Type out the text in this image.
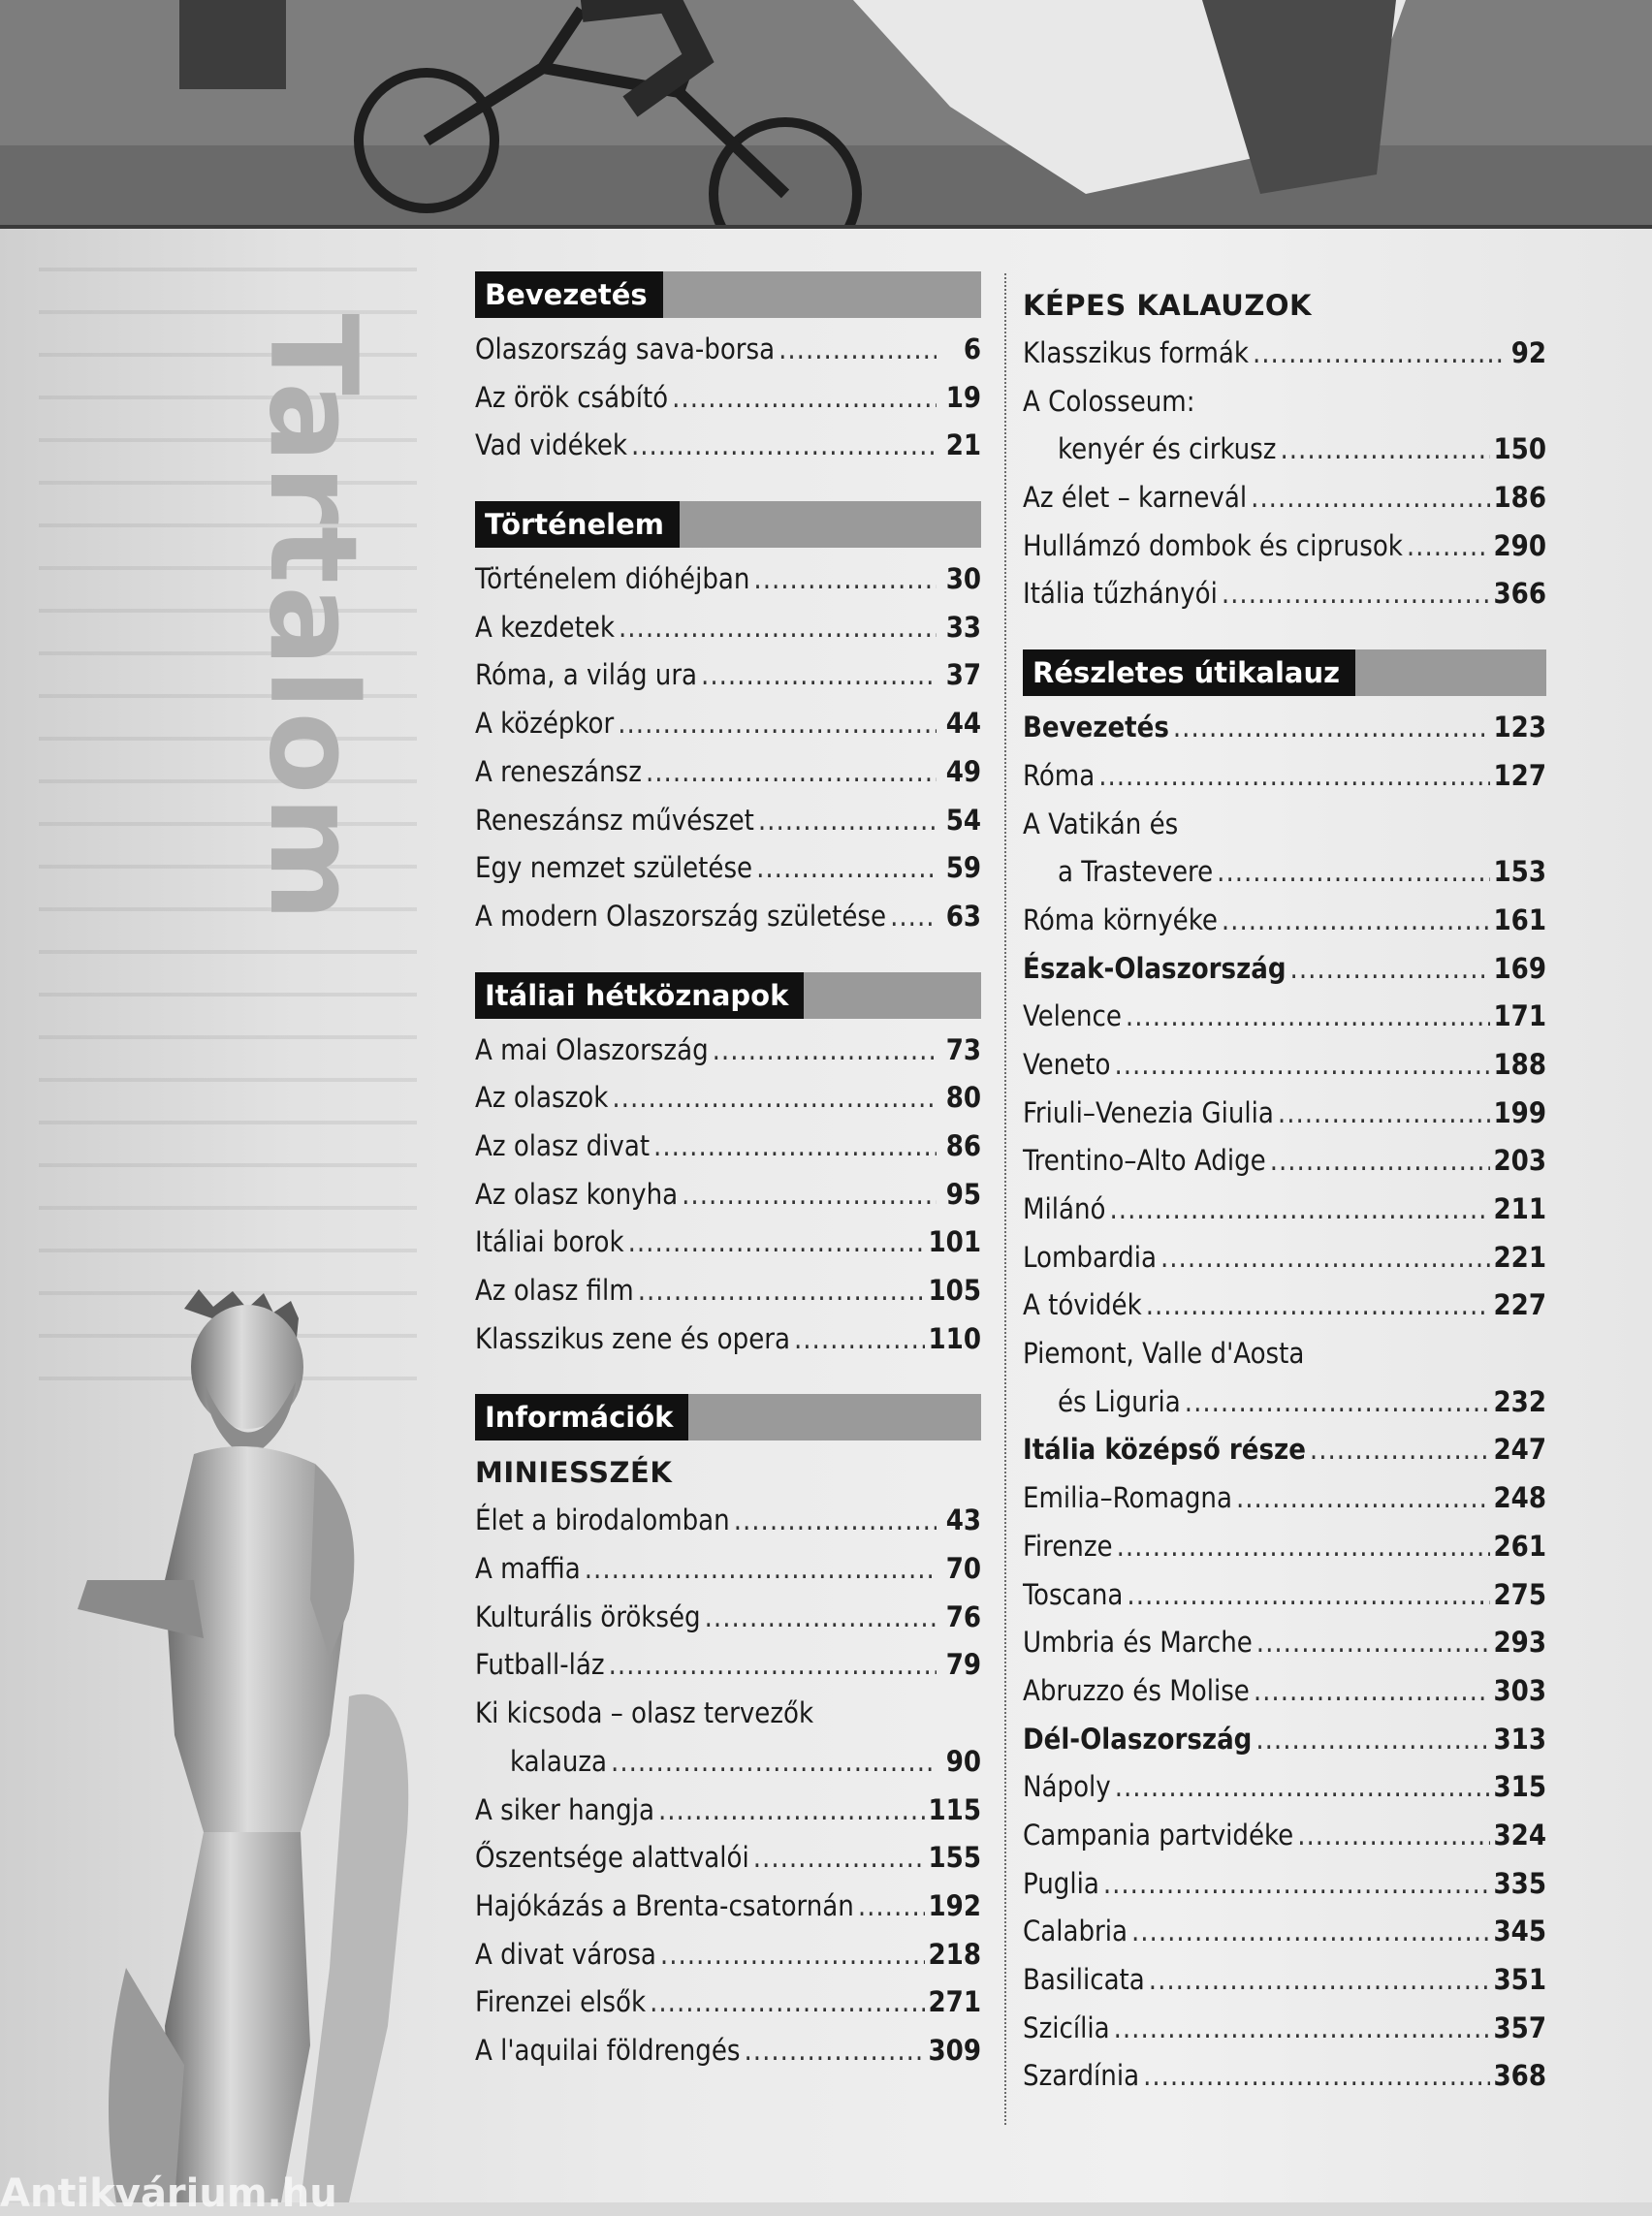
Tartalom
Bevezetés
Olaszország sava-borsa .....	6
Az örök csábító .....	19
Vad vidékek .....	21
Történelem
Történelem dióhéjban .....	30
A kezdetek .....	33
Róma, a világ ura .....	37
A középkor .....	44
A reneszánsz .....	49
Reneszánsz művészet .....	54
Egy nemzet születése .....	59
A modern Olaszország születése ..... 63
Itáliai hétköznapok
A mai Olaszország .....	73
Az olaszok .....	80
Az olasz divat .....	86
Az olasz konyha .....	95
Itáliai borok .....	101
Az olasz film .....	105
Klasszikus zene és opera .....	110
Információk
MINIESSZÉK
Élet a birodalomban .....	43
A maffia .....	70
Kulturális örökség .....	76
Futball-láz .....	79
Ki kicsoda – olasz tervezők
kalauza .....	90
A siker hangja .....	115
Őszentsége alattvalói .....	155
Hajókázás a Brenta-csatornán .....	192
A divat városa .....	218
Firenzei elsők .....	271
A l'aquilai földrengés .....	309
KÉPES KALAUZOK
Klasszikus formák .....	92
A Colosseum:
kenyér és cirkusz .....	150
Az élet – karnevál .....	186
Hullámzó dombok és ciprusok .....	290
Itália tűzhányói .....	366
Részletes útikalauz
Bevezetés .....	123
Róma .....	127
A Vatikán és
a Trastevere .....	153
Róma környéke .....	161
Észak-Olaszország .....	169
Velence .....	171
Veneto .....	188
Friuli–Venezia Giulia .....	199
Trentino–Alto Adige .....	203
Milánó .....	211
Lombardia .....	221
A tóvidék .....	227
Piemont, Valle d'Aosta
és Liguria .....	232
Itália középső része .....	247
Emilia–Romagna .....	248
Firenze .....	261
Toscana .....	275
Umbria és Marche .....	293
Abruzzo és Molise .....	303
Dél-Olaszország .....	313
Nápoly .....	315
Campania partvidéke .....	324
Puglia .....	335
Calabria .....	345
Basilicata .....	351
Szicília .....	357
Szardínia .....	368
Antikvárium.hu
